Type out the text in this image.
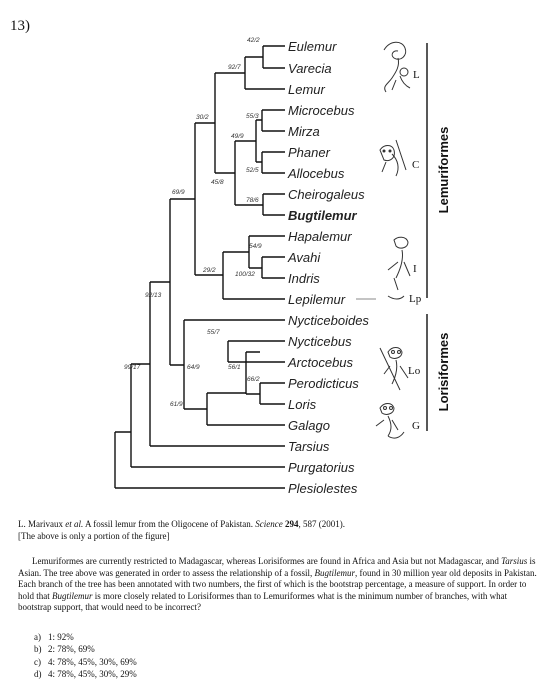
13)
Eulemur
Varecia
Lemur
Microcebus
Mirza
Phaner
Allocebus
Cheirogaleus
Bugtilemur
Hapalemur
Avahi
Indris
Lepilemur
Nycticeboides
Nycticebus
Arctocebus
Perodicticus
Loris
Galago
Tarsius
Purgatorius
Plesiolestes
42/2
92/7
55/3
49/9
52/5
30/2
78/6
45/8
69/9
54/9
100/32
29/2
92/13
55/7
56/1
66/2
64/9
61/9
99/17
Lemuriformes
Lorisiformes
L
C
I
Lp
Lo
G
L. Marivaux et al. A fossil lemur from the Oligocene of Pakistan. Science 294, 587 (2001).
[The above is only a portion of the figure]
Lemuriformes are currently restricted to Madagascar, whereas Lorisiformes are found in Africa and Asia but not Madagascar, and Tarsius is Asian. The tree above was generated in order to assess the relationship of a fossil, Bugtilemur, found in 30 million year old deposits in Pakistan. Each branch of the tree has been annotated with two numbers, the first of which is the bootstrap percentage, a measure of support. In order to hold that Bugtilemur is more closely related to Lorisiformes than to Lemuriformes what is the minimum number of branches, with what bootstrap support, that would need to be incorrect?
a) 1: 92%
b) 2: 78%, 69%
c) 4: 78%, 45%, 30%, 69%
d) 4: 78%, 45%, 30%, 29%
